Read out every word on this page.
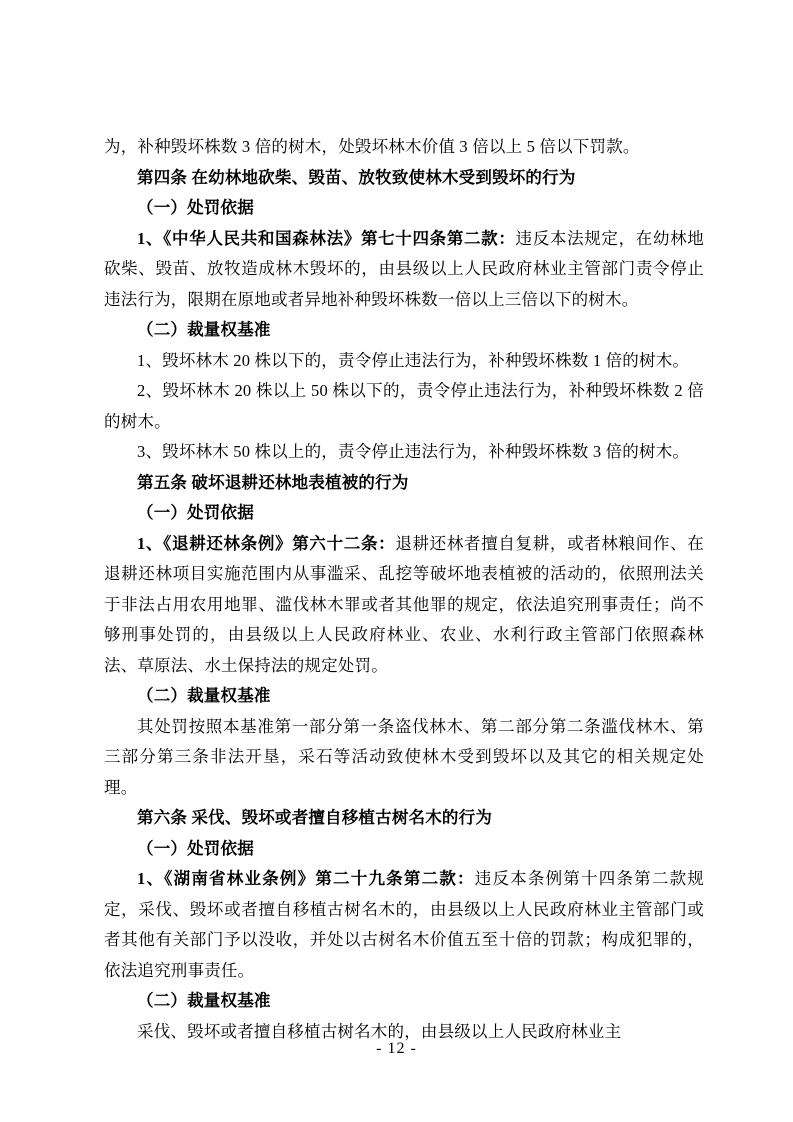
为，补种毁坏株数 3 倍的树木，处毁坏林木价值 3 倍以上 5 倍以下罚款。

第四条 在幼林地砍柴、毁苗、放牧致使林木受到毁坏的行为

（一）处罚依据

1、《中华人民共和国森林法》第七十四条第二款：违反本法规定，在幼林地砍柴、毁苗、放牧造成林木毁坏的，由县级以上人民政府林业主管部门责令停止违法行为，限期在原地或者异地补种毁坏株数一倍以上三倍以下的树木。

（二）裁量权基准

1、毁坏林木 20 株以下的，责令停止违法行为，补种毁坏株数 1 倍的树木。

2、毁坏林木 20 株以上 50 株以下的，责令停止违法行为，补种毁坏株数 2 倍的树木。

3、毁坏林木 50 株以上的，责令停止违法行为，补种毁坏株数 3 倍的树木。

第五条 破坏退耕还林地表植被的行为

（一）处罚依据

1、《退耕还林条例》第六十二条：退耕还林者擅自复耕，或者林粮间作、在退耕还林项目实施范围内从事滥采、乱挖等破坏地表植被的活动的，依照刑法关于非法占用农用地罪、滥伐林木罪或者其他罪的规定，依法追究刑事责任；尚不够刑事处罚的，由县级以上人民政府林业、农业、水利行政主管部门依照森林法、草原法、水土保持法的规定处罚。

（二）裁量权基准

其处罚按照本基准第一部分第一条盗伐林木、第二部分第二条滥伐林木、第三部分第三条非法开垦，采石等活动致使林木受到毁坏以及其它的相关规定处理。

第六条 采伐、毁坏或者擅自移植古树名木的行为

（一）处罚依据

1、《湖南省林业条例》第二十九条第二款：违反本条例第十四条第二款规定，采伐、毁坏或者擅自移植古树名木的，由县级以上人民政府林业主管部门或者其他有关部门予以没收，并处以古树名木价值五至十倍的罚款；构成犯罪的，依法追究刑事责任。

（二）裁量权基准

采伐、毁坏或者擅自移植古树名木的，由县级以上人民政府林业主

- 12 -
